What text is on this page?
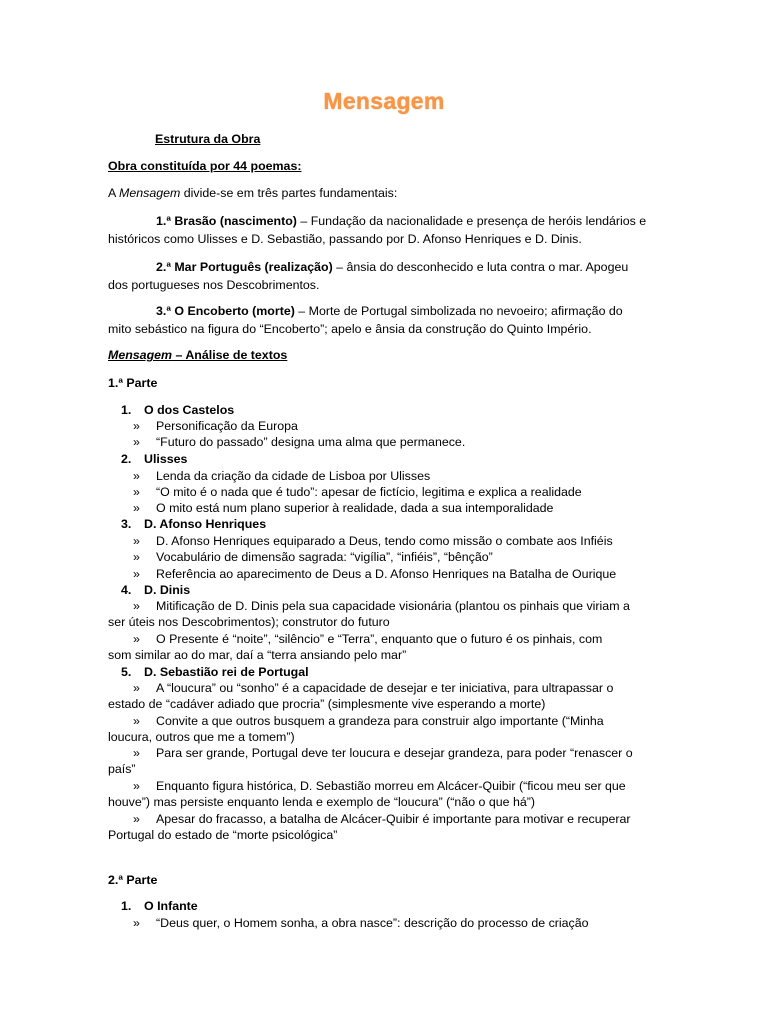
Mensagem
Estrutura da Obra
Obra constituída por 44 poemas:
A Mensagem divide-se em três partes fundamentais:
1.ª Brasão (nascimento) – Fundação da nacionalidade e presença de heróis lendários e
históricos como Ulisses e D. Sebastião, passando por D. Afonso Henriques e D. Dinis.
2.ª Mar Português (realização) – ânsia do desconhecido e luta contra o mar. Apogeu
dos portugueses nos Descobrimentos.
3.ª O Encoberto (morte) – Morte de Portugal simbolizada no nevoeiro; afirmação do
mito sebástico na figura do “Encoberto”; apelo e ânsia da construção do Quinto Império.
Mensagem – Análise de textos
1.ª Parte
1. O dos Castelos
» Personificação da Europa
» “Futuro do passado” designa uma alma que permanece.
2. Ulisses
» Lenda da criação da cidade de Lisboa por Ulisses
» “O mito é o nada que é tudo”: apesar de fictício, legitima e explica a realidade
» O mito está num plano superior à realidade, dada a sua intemporalidade
3. D. Afonso Henriques
» D. Afonso Henriques equiparado a Deus, tendo como missão o combate aos Infiéis
» Vocabulário de dimensão sagrada: “vigília”, “infiéis”, “bênção”
» Referência ao aparecimento de Deus a D. Afonso Henriques na Batalha de Ourique
4. D. Dinis
» Mitificação de D. Dinis pela sua capacidade visionária (plantou os pinhais que viriam a
ser úteis nos Descobrimentos); construtor do futuro
» O Presente é “noite”, “silêncio” e “Terra”, enquanto que o futuro é os pinhais, com
som similar ao do mar, daí a “terra ansiando pelo mar”
5. D. Sebastião rei de Portugal
» A “loucura” ou “sonho” é a capacidade de desejar e ter iniciativa, para ultrapassar o
estado de “cadáver adiado que procria” (simplesmente vive esperando a morte)
» Convite a que outros busquem a grandeza para construir algo importante (“Minha
loucura, outros que me a tomem”)
» Para ser grande, Portugal deve ter loucura e desejar grandeza, para poder “renascer o
país”
» Enquanto figura histórica, D. Sebastião morreu em Alcácer-Quibir (“ficou meu ser que
houve”) mas persiste enquanto lenda e exemplo de “loucura” (“não o que há”)
» Apesar do fracasso, a batalha de Alcácer-Quibir é importante para motivar e recuperar
Portugal do estado de “morte psicológica”
2.ª Parte
1. O Infante
» “Deus quer, o Homem sonha, a obra nasce”: descrição do processo de criação
